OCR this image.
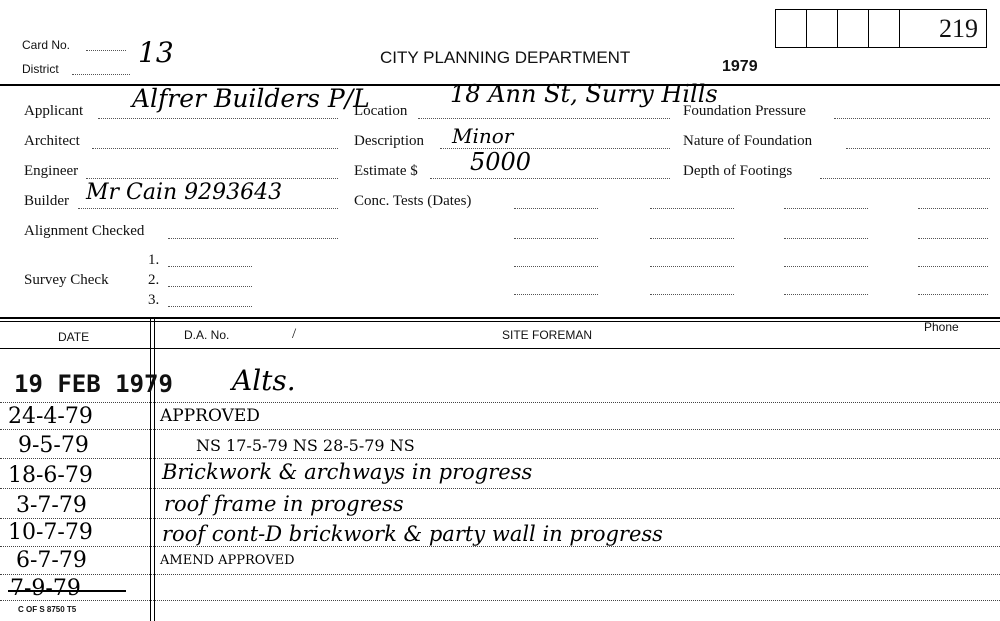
219
Card No. 13
District
CITY PLANNING DEPARTMENT	1979
Applicant Alfrer Builders P/L
Architect
Engineer
Builder Mr Cain 9293643
Alignment Checked
Survey Check
1.
2.
3.
Location
18 Ann St, Surry Hills
Description Minor
Estimate $ 5000
Conc. Tests (Dates)
Foundation Pressure
Nature of Foundation
Depth of Footings
DATE	D.A. No.	/	SITE FOREMAN
Phone
19 FEB 1979 Alts.
24-4-79	APPROVED
9-5-79	NS 17-5-79 NS 28-5-79 NS
18-6-79	Brickwork & archways in progress
3-7-79	roof frame in progress
10-7-79	roof cont-D brickwork & party wall in progress
6-7-79	AMEND APPROVED
7-9-79
C OF S 8750 T5
